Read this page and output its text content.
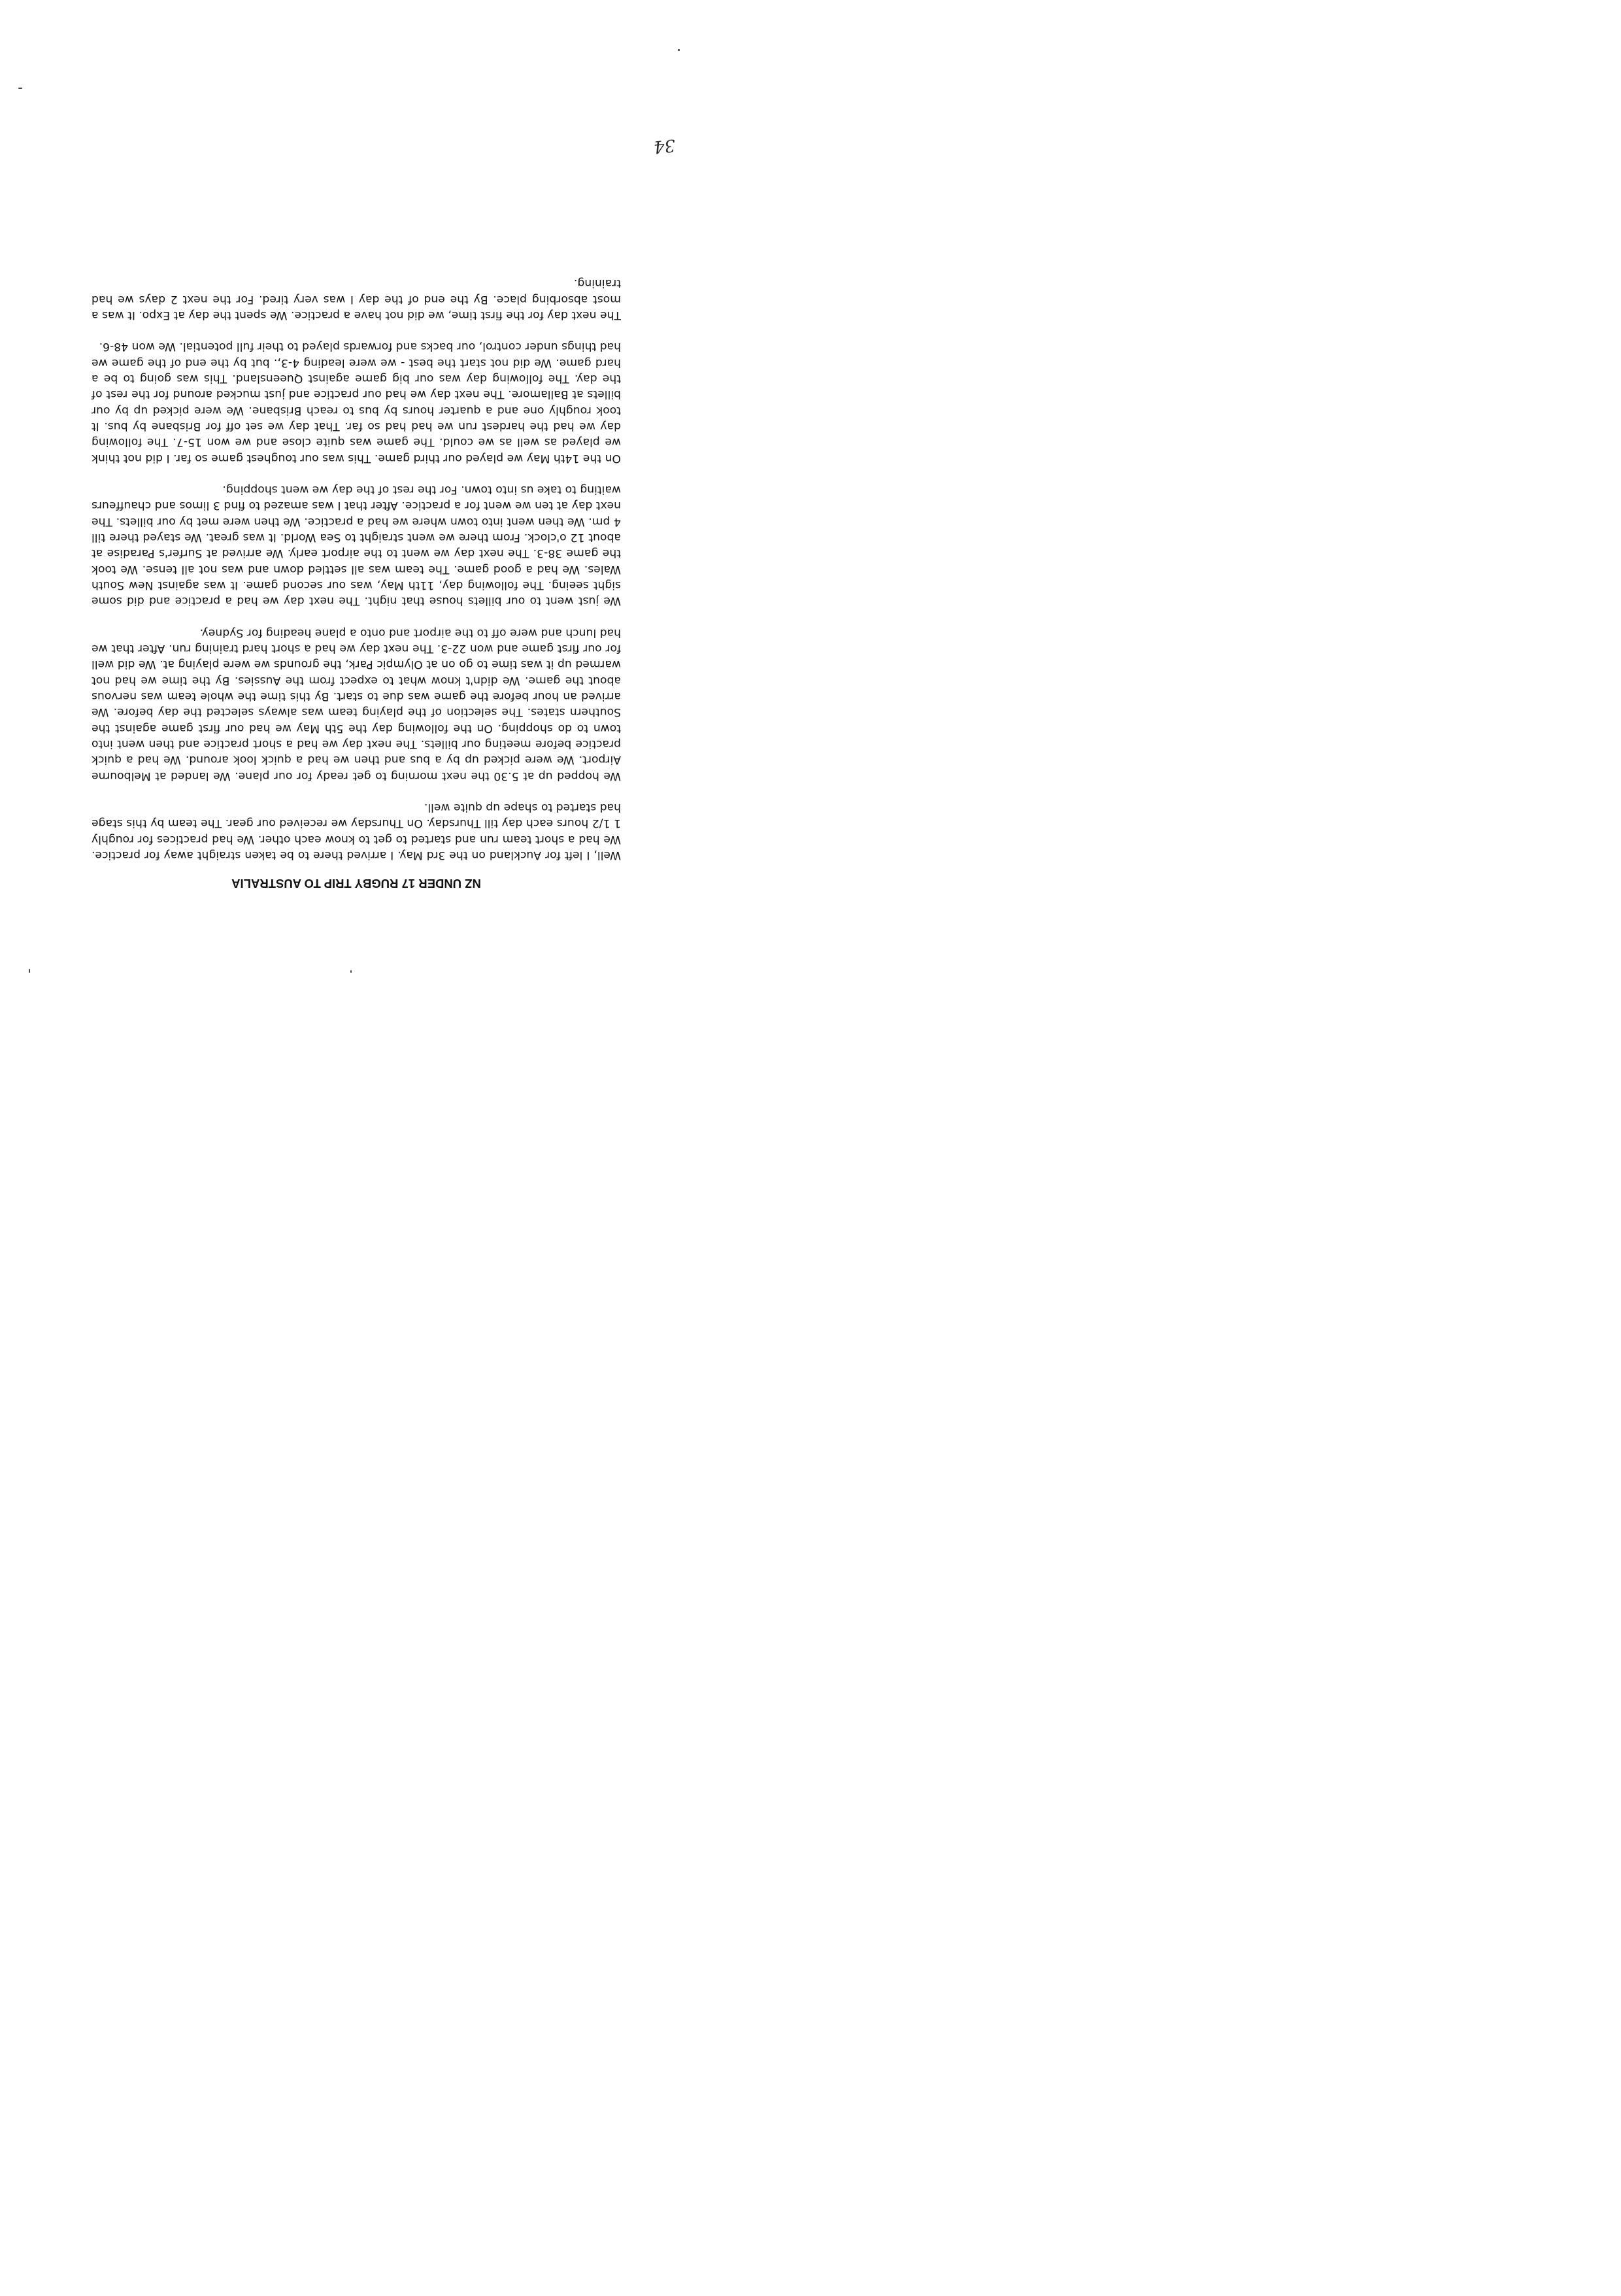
NZ UNDER 17 RUGBY TRIP TO AUSTRALIA
Well, I left for Auckland on the 3rd May. I arrived there to be taken straight away for practice. We had a short team run and started to get to know each other. We had practices for roughly 1 1/2 hours each day till Thursday. On Thursday we received our gear. The team by this stage had started to shape up quite well.
We hopped up at 5.30 the next morning to get ready for our plane. We landed at Melbourne Airport. We were picked up by a bus and then we had a quick look around. We had a quick practice before meeting our billets. The next day we had a short practice and then went into town to do shopping. On the following day the 5th May we had our first game against the Southern states. The selection of the playing team was always selected the day before. We arrived an hour before the game was due to start. By this time the whole team was nervous about the game. We didn't know what to expect from the Aussies. By the time we had not warmed up it was time to go on at Olympic Park, the grounds we were playing at. We did well for our first game and won 22-3. The next day we had a short hard training run. After that we had lunch and were off to the airport and onto a plane heading for Sydney.
We just went to our billets house that night. The next day we had a practice and did some sight seeing. The following day, 11th May, was our second game. It was against New South Wales. We had a good game. The team was all settled down and was not all tense. We took the game 38-3. The next day we went to the airport early. We arrived at Surfer's Paradise at about 12 o'clock. From there we went straight to Sea World. It was great. We stayed there till 4 pm. We then went into town where we had a practice. We then were met by our billets. The next day at ten we went for a practice. After that I was amazed to find 3 limos and chauffeurs waiting to take us into town. For the rest of the day we went shopping.
On the 14th May we played our third game. This was our toughest game so far. I did not think we played as well as we could. The game was quite close and we won 15-7. The following day we had the hardest run we had had so far. That day we set off for Brisbane by bus. It took roughly one and a quarter hours by bus to reach Brisbane. We were picked up by our billets at Ballamore. The next day we had our practice and just mucked around for the rest of the day. The following day was our big game against Queensland. This was going to be a hard game. We did not start the best - we were leading 4-3,. but by the end of the game we had things under control, our backs and forwards played to their full potential. We won 48-6.
The next day for the first time, we did not have a practice. We spent the day at Expo. It was a most absorbing place. By the end of the day I was very tired. For the next 2 days we had training.
34
